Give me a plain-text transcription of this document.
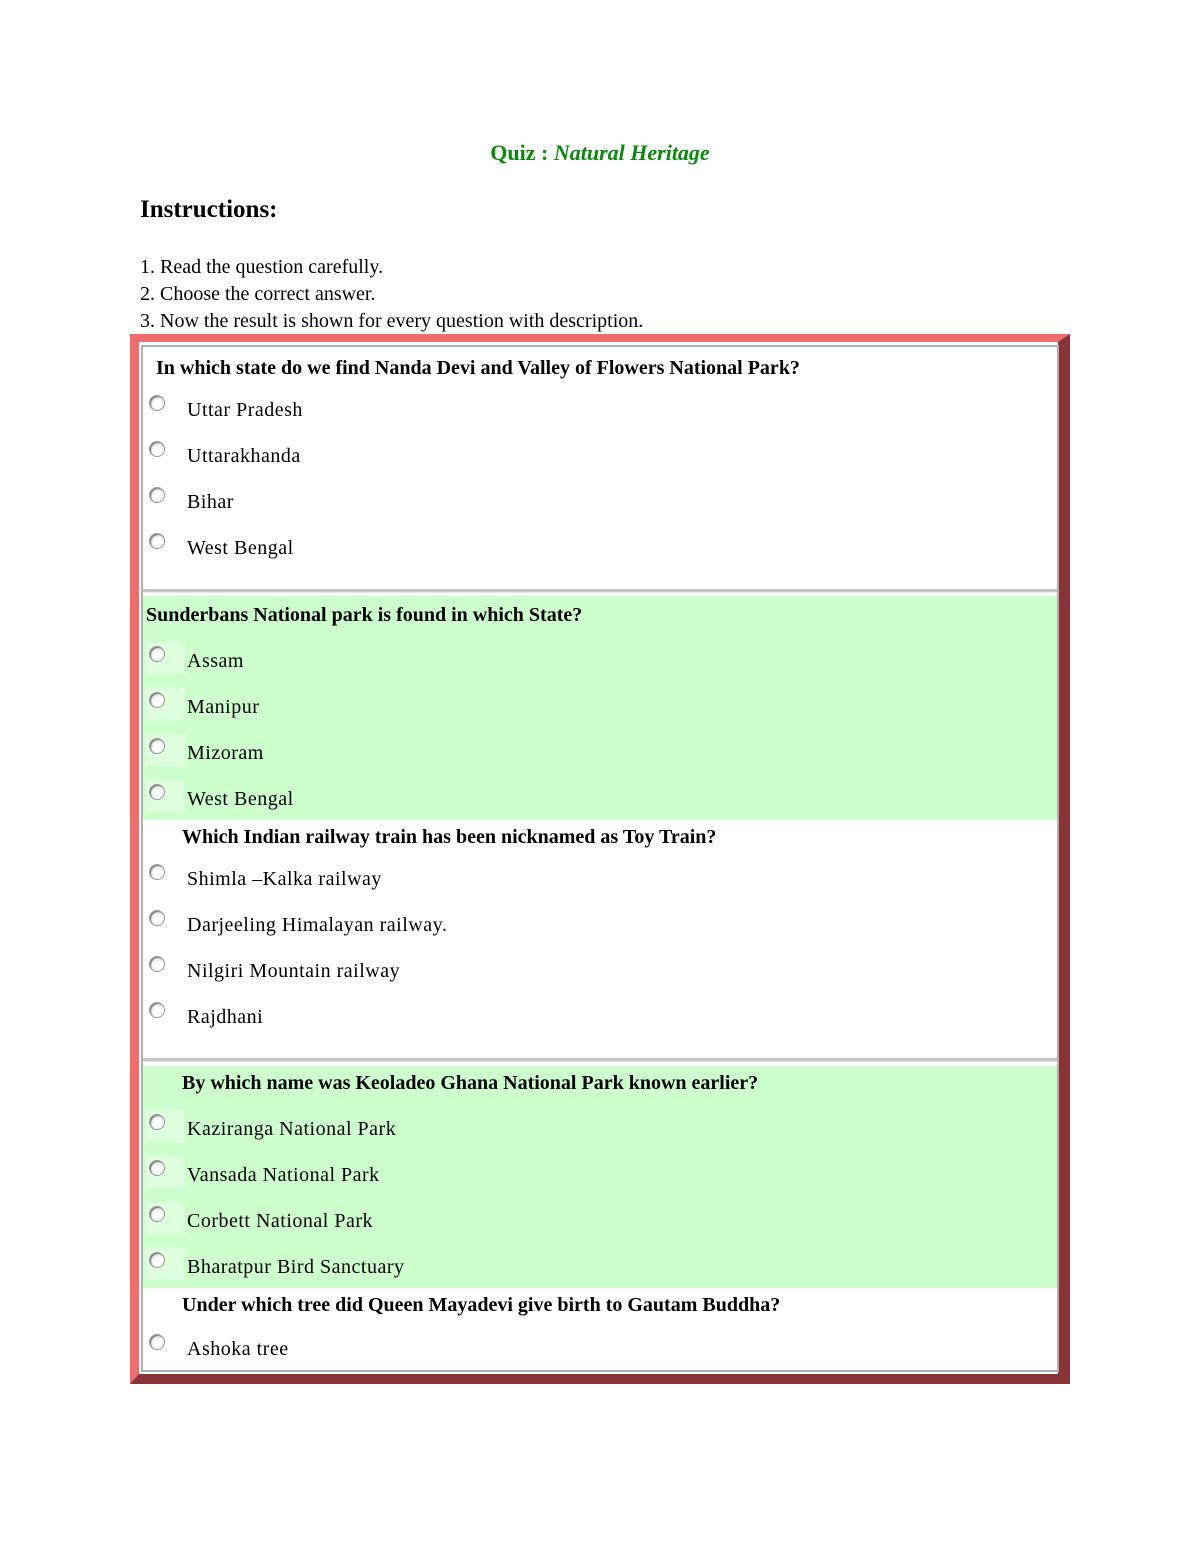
Quiz : Natural Heritage
Instructions:
1. Read the question carefully.
2. Choose the correct answer.
3. Now the result is shown for every question with description.
In which state do we find Nanda Devi and Valley of Flowers National Park?
Uttar Pradesh
Uttarakhanda
Bihar
West Bengal
Sunderbans National park is found in which State?
Assam
Manipur
Mizoram
West Bengal
Which Indian railway train has been nicknamed as Toy Train?
Shimla –Kalka railway
Darjeeling Himalayan railway.
Nilgiri Mountain railway
Rajdhani
By which name was Keoladeo Ghana National Park known earlier?
Kaziranga National Park
Vansada National Park
Corbett National Park
Bharatpur Bird Sanctuary
Under which tree did Queen Mayadevi give birth to Gautam Buddha?
Ashoka tree
